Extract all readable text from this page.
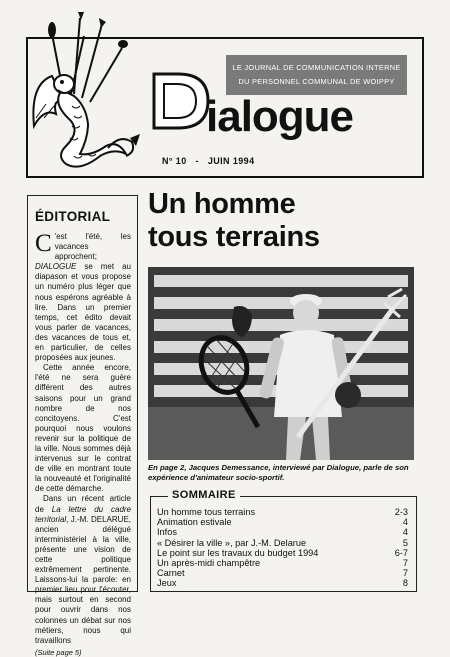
LE JOURNAL DE COMMUNICATION INTERNE
DU PERSONNEL COMMUNAL DE WOIPPY
ialogue
N° 10 - JUIN 1994
ÉDITORIAL

C 'est l'été, les vacances approchent; DIALOGUE se met au diapason et vous propose un numéro plus léger que nous espérons agréable à lire. Dans un premier temps, cet édito devait vous parler de vacances, des vacances de tous et, en particulier, de celles proposées aux jeunes.

Cette année encore, l'été ne sera guère différent des autres saisons pour un grand nombre de nos concitoyens. C'est pourquoi nous voulons revenir sur la politique de la ville. Nous sommes déjà intervenus sur le contrat de ville en montrant toute la nouveauté et l'originalité de cette démarche.

Dans un récent article de La lettre du cadre territorial, J.-M. DELARUE, ancien délégué interministériel à la ville, présente une vision de cette politique extrêmement pertinente. Laissons-lui la parole: en premier lieu pour l'écouter, mais surtout en second pour ouvrir dans nos colonnes un débat sur nos métiers, nous qui travaillons

(Suite page 5)
Un homme
tous terrains
En page 2, Jacques Demessance, interviewé par Dialogue, parle de son expérience d'animateur socio-sportif.
Un homme tous terrains	2-3
Animation estivale	4
Infos	4
« Désirer la ville », par J.-M. Delarue	5
Le point sur les travaux du budget 1994	6-7
Un après-midi champêtre	7
Carnet	7
Jeux	8
SOMMAIRE
